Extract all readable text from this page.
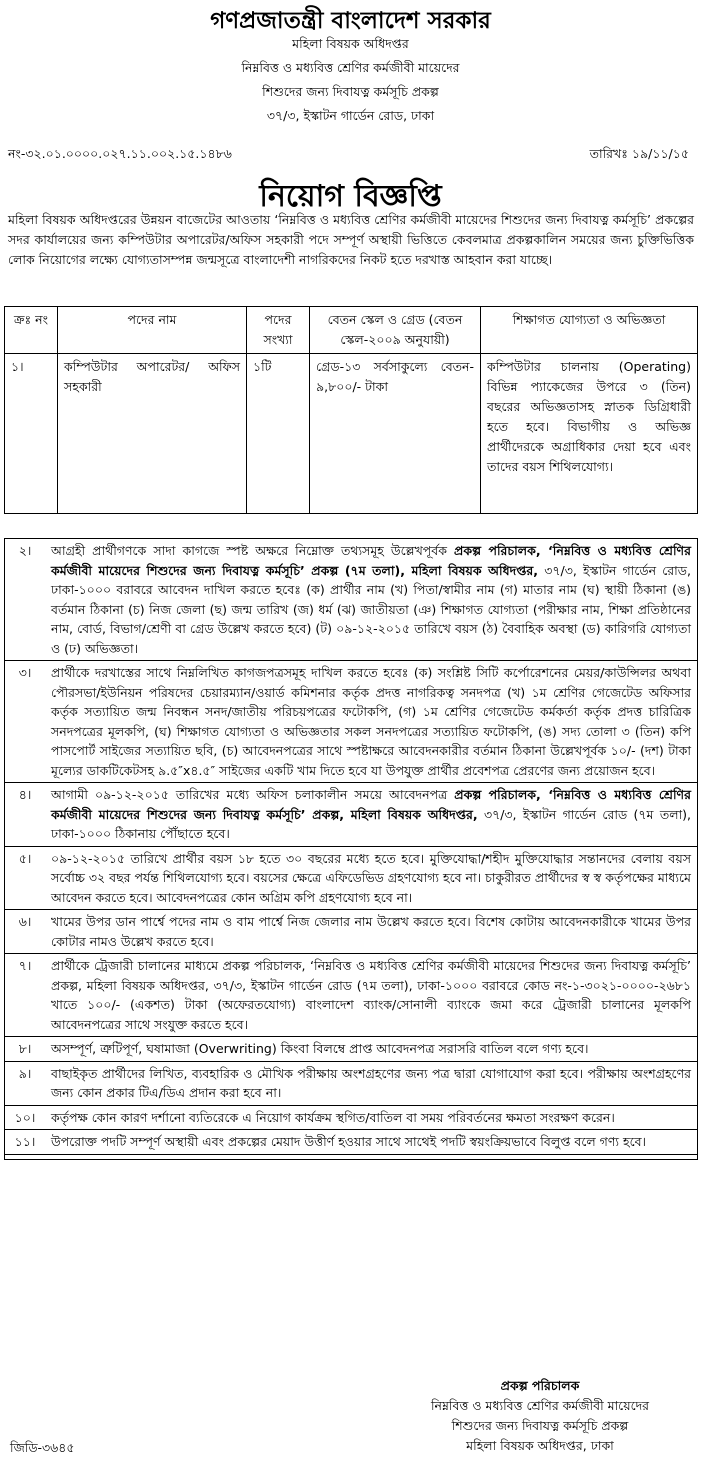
গণপ্রজাতন্ত্রী বাংলাদেশ সরকার
মহিলা বিষয়ক অধিদপ্তর
নিম্নবিত্ত ও মধ্যবিত্ত শ্রেণির কর্মজীবী মায়েদের
শিশুদের জন্য দিবাযত্ন কর্মসূচি প্রকল্প
৩৭/৩, ইস্কাটন গার্ডেন রোড, ঢাকা
নং-৩২.০১.০০০০.০২৭.১১.০০২.১৫.১৪৮৬	তারিখঃ ১৯/১১/১৫
নিয়োগ বিজ্ঞপ্তি
মহিলা বিষয়ক অধিদপ্তরের উন্নয়ন বাজেটের আওতায় ‘নিম্নবিত্ত ও মধ্যবিত্ত শ্রেণির কর্মজীবী মায়েদের শিশুদের জন্য দিবাযত্ন কর্মসূচি’ প্রকল্পের সদর কার্যালয়ের জন্য কম্পিউটার অপারেটর/অফিস সহকারী পদে সম্পূর্ণ অস্থায়ী ভিত্তিতে কেবলমাত্র প্রকল্পকালিন সময়ের জন্য চুক্তিভিত্তিক লোক নিয়োগের লক্ষ্যে যোগ্যতাসম্পন্ন জন্মসূত্রে বাংলাদেশী নাগরিকদের নিকট হতে দরখাস্ত আহবান করা যাচ্ছে।
ক্রঃ নং	পদের নাম	পদের সংখ্যা	বেতন স্কেল ও গ্রেড (বেতন স্কেল-২০০৯ অনুযায়ী)	শিক্ষাগত যোগ্যতা ও অভিজ্ঞতা
১।	কম্পিউটার অপারেটর/ অফিস সহকারী	১টি	গ্রেড-১৩ সর্বসাকুল্যে বেতন- ৯,৮০০/- টাকা	কম্পিউটার চালনায় (Operating) বিভিন্ন প্যাকেজের উপরে ৩ (তিন) বছরের অভিজ্ঞতাসহ স্নাতক ডিগ্রিধারী হতে হবে। বিভাগীয় ও অভিজ্ঞ প্রার্থীদেরকে অগ্রাধিকার দেয়া হবে এবং তাদের বয়স শিথিলযোগ্য।
২।	আগ্রহী প্রার্থীগণকে সাদা কাগজে স্পষ্ট অক্ষরে নিম্নোক্ত তথ্যসমূহ উল্লেখপূর্বক প্রকল্প পরিচালক, ‘নিম্নবিত্ত ও মধ্যবিত্ত শ্রেণির কর্মজীবী মায়েদের শিশুদের জন্য দিবাযত্ন কর্মসূচি’ প্রকল্প (৭ম তলা), মহিলা বিষয়ক অধিদপ্তর, ৩৭/৩, ইস্কাটন গার্ডেন রোড, ঢাকা-১০০০ বরাবরে আবেদন দাখিল করতে হবেঃ (ক) প্রার্থীর নাম (খ) পিতা/স্বামীর নাম (গ) মাতার নাম (ঘ) স্থায়ী ঠিকানা (ঙ) বর্তমান ঠিকানা (চ) নিজ জেলা (ছ) জন্ম তারিখ (জ) ধর্ম (ঝ) জাতীয়তা (ঞ) শিক্ষাগত যোগ্যতা (পরীক্ষার নাম, শিক্ষা প্রতিষ্ঠানের নাম, বোর্ড, বিভাগ/শ্রেণী বা গ্রেড উল্লেখ করতে হবে) (ট) ০৯-১২-২০১৫ তারিখে বয়স (ঠ) বৈবাহিক অবস্থা (ড) কারিগরি যোগ্যতা ও (ঢ) অভিজ্ঞতা।
৩।	প্রার্থীকে দরখাস্তের সাথে নিম্নলিখিত কাগজপত্রসমূহ দাখিল করতে হবেঃ (ক) সংশ্লিষ্ট সিটি কর্পোরেশনের মেয়র/কাউন্সিলর অথবা পৌরসভা/ইউনিয়ন পরিষদের চেয়ারম্যান/ওয়ার্ড কমিশনার কর্তৃক প্রদত্ত নাগরিকত্ব সনদপত্র (খ) ১ম শ্রেণির গেজেটেড অফিসার কর্তৃক সত্যায়িত জন্ম নিবন্ধন সনদ/জাতীয় পরিচয়পত্রের ফটোকপি, (গ) ১ম শ্রেণির গেজেটেড কর্মকর্তা কর্তৃক প্রদত্ত চারিত্রিক সনদপত্রের মূলকপি, (ঘ) শিক্ষাগত যোগ্যতা ও অভিজ্ঞতার সকল সনদপত্রের সত্যায়িত ফটোকপি, (ঙ) সদ্য তোলা ৩ (তিন) কপি পাসপোর্ট সাইজের সত্যায়িত ছবি, (চ) আবেদনপত্রের সাথে স্পষ্টাক্ষরে আবেদনকারীর বর্তমান ঠিকানা উল্লেখপূর্বক ১০/- (দশ) টাকা মূল্যের ডাকটিকেটসহ ৯.৫″x৪.৫″ সাইজের একটি খাম দিতে হবে যা উপযুক্ত প্রার্থীর প্রবেশপত্র প্রেরণের জন্য প্রয়োজন হবে।
৪।	আগামী ০৯-১২-২০১৫ তারিখের মধ্যে অফিস চলাকালীন সময়ে আবেদনপত্র প্রকল্প পরিচালক, ‘নিম্নবিত্ত ও মধ্যবিত্ত শ্রেণির কর্মজীবী মায়েদের শিশুদের জন্য দিবাযত্ন কর্মসূচি’ প্রকল্প, মহিলা বিষয়ক অধিদপ্তর, ৩৭/৩, ইস্কাটন গার্ডেন রোড (৭ম তলা), ঢাকা-১০০০ ঠিকানায় পৌঁছাতে হবে।
৫।	০৯-১২-২০১৫ তারিখে প্রার্থীর বয়স ১৮ হতে ৩০ বছরের মধ্যে হতে হবে। মুক্তিযোদ্ধা/শহীদ মুক্তিযোদ্ধার সন্তানদের বেলায় বয়স সর্বোচ্চ ৩২ বছর পর্যন্ত শিথিলযোগ্য হবে। বয়সের ক্ষেত্রে এফিডেভিড গ্রহণযোগ্য হবে না। চাকুরীরত প্রার্থীদের স্ব স্ব কর্তৃপক্ষের মাধ্যমে আবেদন করতে হবে। আবেদনপত্রের কোন অগ্রিম কপি গ্রহণযোগ্য হবে না।
৬।	খামের উপর ডান পার্শ্বে পদের নাম ও বাম পার্শ্বে নিজ জেলার নাম উল্লেখ করতে হবে। বিশেষ কোটায় আবেদনকারীকে খামের উপর কোটার নামও উল্লেখ করতে হবে।
৭।	প্রার্থীকে ট্রেজারী চালানের মাধ্যমে প্রকল্প পরিচালক, ‘নিম্নবিত্ত ও মধ্যবিত্ত শ্রেণির কর্মজীবী মায়েদের শিশুদের জন্য দিবাযত্ন কর্মসূচি’ প্রকল্প, মহিলা বিষয়ক অধিদপ্তর, ৩৭/৩, ইস্কাটন গার্ডেন রোড (৭ম তলা), ঢাকা-১০০০ বরাবরে কোড নং-১-৩০২১-০০০০-২৬৮১ খাতে ১০০/- (একশত) টাকা (অফেরতযোগ্য) বাংলাদেশ ব্যাংক/সোনালী ব্যাংকে জমা করে ট্রেজারী চালানের মূলকপি আবেদনপত্রের সাথে সংযুক্ত করতে হবে।
৮।	অসম্পূর্ণ, ত্রুটিপূর্ণ, ঘষামাজা (Overwriting) কিংবা বিলম্বে প্রাপ্ত আবেদনপত্র সরাসরি বাতিল বলে গণ্য হবে।
৯।	বাছাইকৃত প্রার্থীদের লিখিত, ব্যবহারিক ও মৌখিক পরীক্ষায় অংশগ্রহণের জন্য পত্র দ্বারা যোগাযোগ করা হবে। পরীক্ষায় অংশগ্রহণের জন্য কোন প্রকার টিএ/ডিএ প্রদান করা হবে না।
১০।	কর্তৃপক্ষ কোন কারণ দর্শানো ব্যতিরেকে এ নিয়োগ কার্যক্রম স্থগিত/বাতিল বা সময় পরিবর্তনের ক্ষমতা সংরক্ষণ করেন।
১১।	উপরোক্ত পদটি সম্পূর্ণ অস্থায়ী এবং প্রকল্পের মেয়াদ উত্তীর্ণ হওয়ার সাথে সাথেই পদটি স্বয়ংক্রিয়ভাবে বিলুপ্ত বলে গণ্য হবে।

প্রকল্প পরিচালক
নিম্নবিত্ত ও মধ্যবিত্ত শ্রেণির কর্মজীবী মায়েদের
শিশুদের জন্য দিবাযত্ন কর্মসূচি প্রকল্প
মহিলা বিষয়ক অধিদপ্তর, ঢাকা
জিডি-৩৬৪৫
